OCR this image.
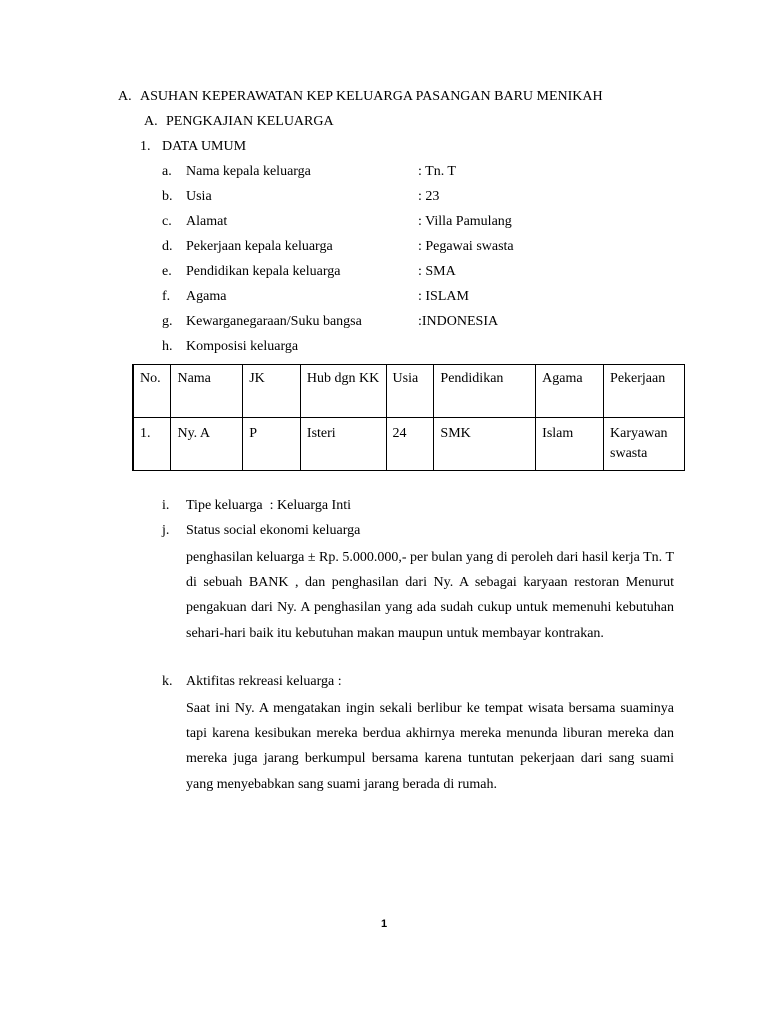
A. ASUHAN KEPERAWATAN KEP KELUARGA PASANGAN BARU MENIKAH
A. PENGKAJIAN KELUARGA
1. DATA UMUM
a. Nama kepala keluarga	: Tn. T
b. Usia	: 23
c. Alamat	: Villa Pamulang
d. Pekerjaan kepala keluarga	: Pegawai swasta
e. Pendidikan kepala keluarga	: SMA
f. Agama	: ISLAM
g. Kewarganegaraan/Suku bangsa	:INDONESIA
h. Komposisi keluarga
No.	Nama	JK	Hub dgn KK	Usia	Pendidikan	Agama	Pekerjaan
1.	Ny. A	P	Isteri	24	SMK	Islam	Karyawan swasta
i. Tipe keluarga  : Keluarga Inti
j. Status social ekonomi keluarga
penghasilan keluarga ± Rp. 5.000.000,- per bulan yang di peroleh dari hasil kerja Tn. T di sebuah BANK , dan penghasilan dari Ny. A sebagai karyaan restoran Menurut pengakuan dari Ny. A penghasilan yang ada sudah cukup untuk memenuhi kebutuhan sehari-hari baik itu kebutuhan makan maupun untuk membayar kontrakan.
k. Aktifitas rekreasi keluarga :
Saat ini Ny. A mengatakan ingin sekali berlibur ke tempat wisata bersama suaminya tapi karena kesibukan mereka berdua akhirnya mereka menunda liburan mereka dan mereka juga jarang berkumpul bersama karena tuntutan pekerjaan dari sang suami yang menyebabkan sang suami jarang berada di rumah.
1
